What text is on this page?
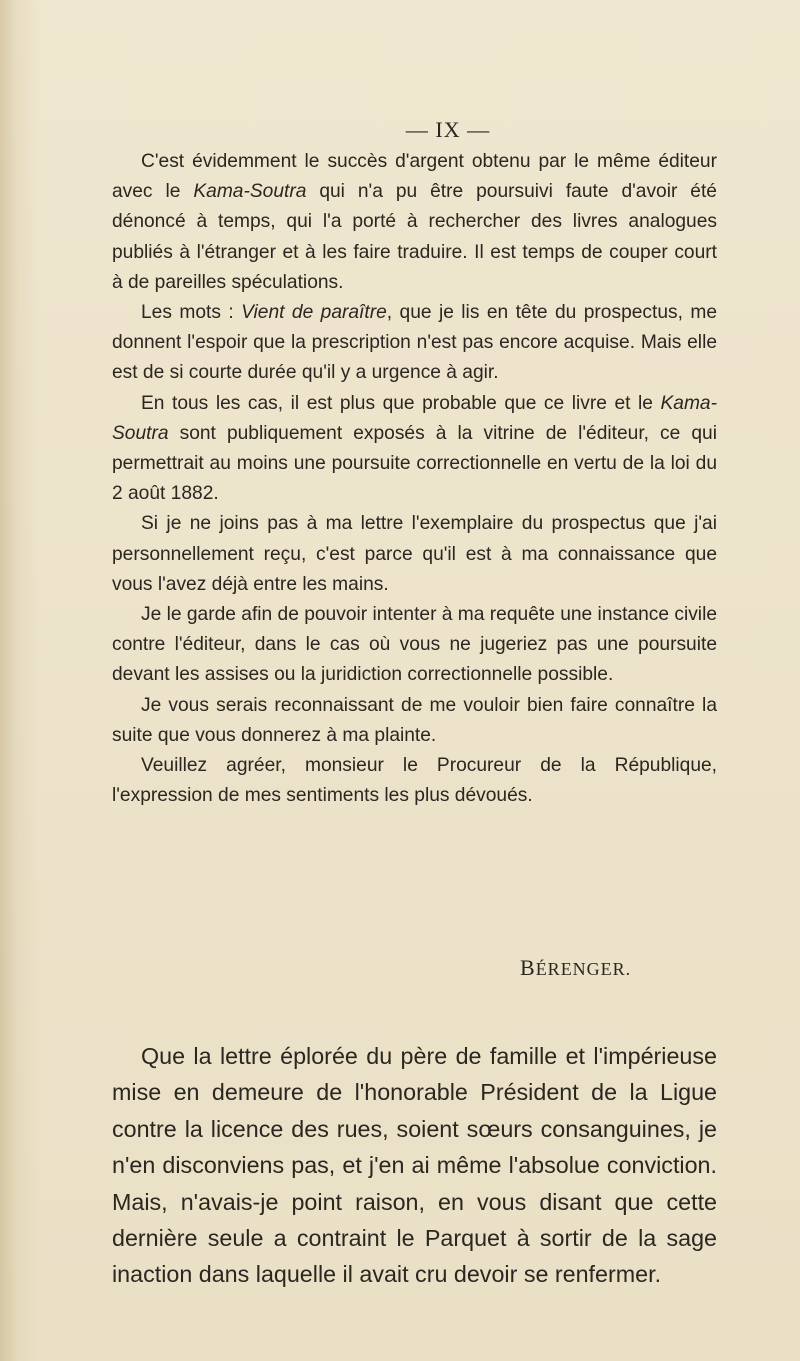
— IX —

C'est évidemment le succès d'argent obtenu par le même éditeur avec le Kama-Soutra qui n'a pu être poursuivi faute d'avoir été dénoncé à temps, qui l'a porté à rechercher des livres analogues publiés à l'étranger et à les faire traduire. Il est temps de couper court à de pareilles spéculations.

Les mots : Vient de paraître, que je lis en tête du prospectus, me donnent l'espoir que la prescription n'est pas encore acquise. Mais elle est de si courte durée qu'il y a urgence à agir.

En tous les cas, il est plus que probable que ce livre et le Kama-Soutra sont publiquement exposés à la vitrine de l'éditeur, ce qui permettrait au moins une poursuite correctionnelle en vertu de la loi du 2 août 1882.

Si je ne joins pas à ma lettre l'exemplaire du prospectus que j'ai personnellement reçu, c'est parce qu'il est à ma connaissance que vous l'avez déjà entre les mains.

Je le garde afin de pouvoir intenter à ma requête une instance civile contre l'éditeur, dans le cas où vous ne jugeriez pas une poursuite devant les assises ou la juridiction correctionnelle possible.

Je vous serais reconnaissant de me vouloir bien faire connaître la suite que vous donnerez à ma plainte.

Veuillez agréer, monsieur le Procureur de la République, l'expression de mes sentiments les plus dévoués.

BÉRENGER.

Que la lettre éplorée du père de famille et l'impérieuse mise en demeure de l'honorable Président de la Ligue contre la licence des rues, soient sœurs consanguines, je n'en disconviens pas, et j'en ai même l'absolue conviction. Mais, n'avais-je point raison, en vous disant que cette dernière seule a contraint le Parquet à sortir de la sage inaction dans laquelle il avait cru devoir se renfermer.
